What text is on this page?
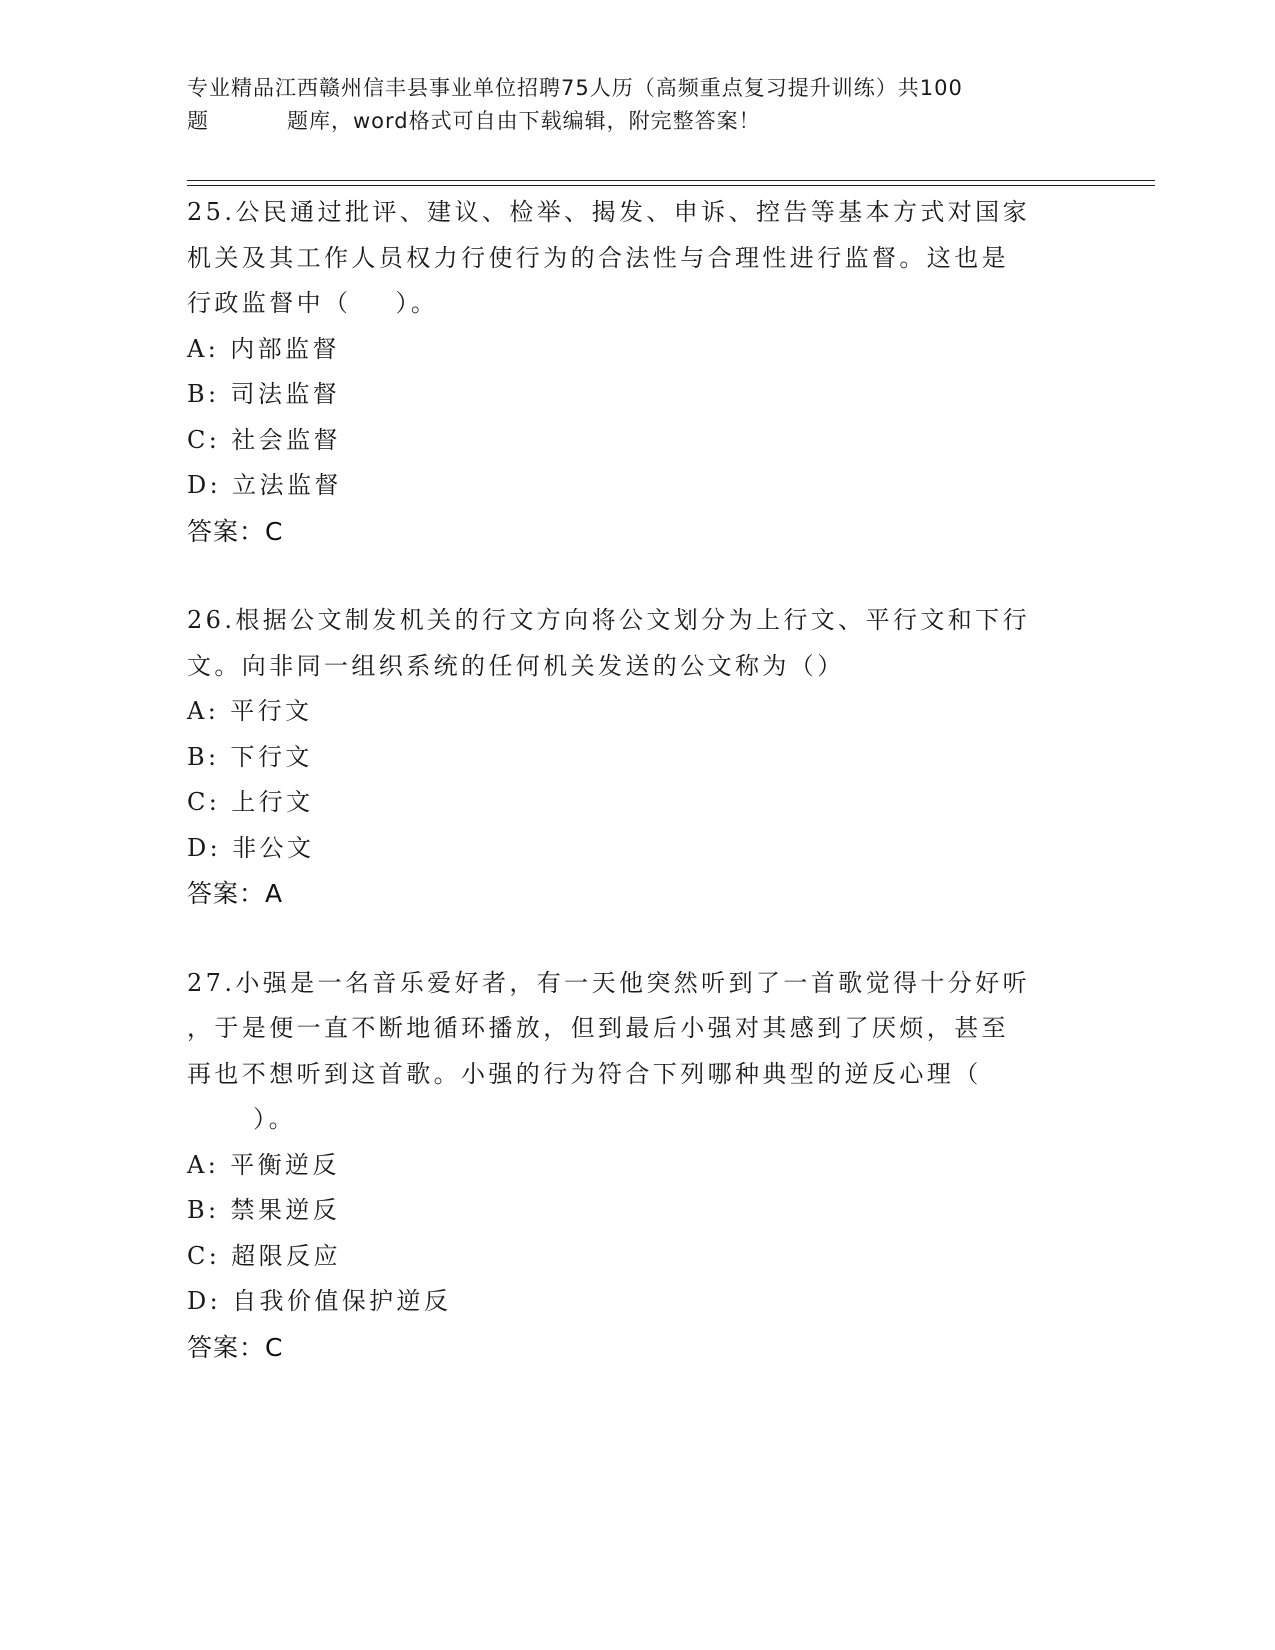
专业精品江西赣州信丰县事业单位招聘75人历（高频重点复习提升训练）共100
题	题库，word格式可自由下载编辑，附完整答案！
25.公民通过批评、建议、检举、揭发、申诉、控告等基本方式对国家
机关及其工作人员权力行使行为的合法性与合理性进行监督。这也是
行政监督中（    ）。
A: 内部监督
B: 司法监督
C: 社会监督
D: 立法监督
答案：C
26.根据公文制发机关的行文方向将公文划分为上行文、平行文和下行
文。向非同一组织系统的任何机关发送的公文称为（）
A: 平行文
B: 下行文
C: 上行文
D: 非公文
答案：A
27.小强是一名音乐爱好者，有一天他突然听到了一首歌觉得十分好听
，于是便一直不断地循环播放，但到最后小强对其感到了厌烦，甚至
再也不想听到这首歌。小强的行为符合下列哪种典型的逆反心理（
）。
A: 平衡逆反
B: 禁果逆反
C: 超限反应
D: 自我价值保护逆反
答案：C
